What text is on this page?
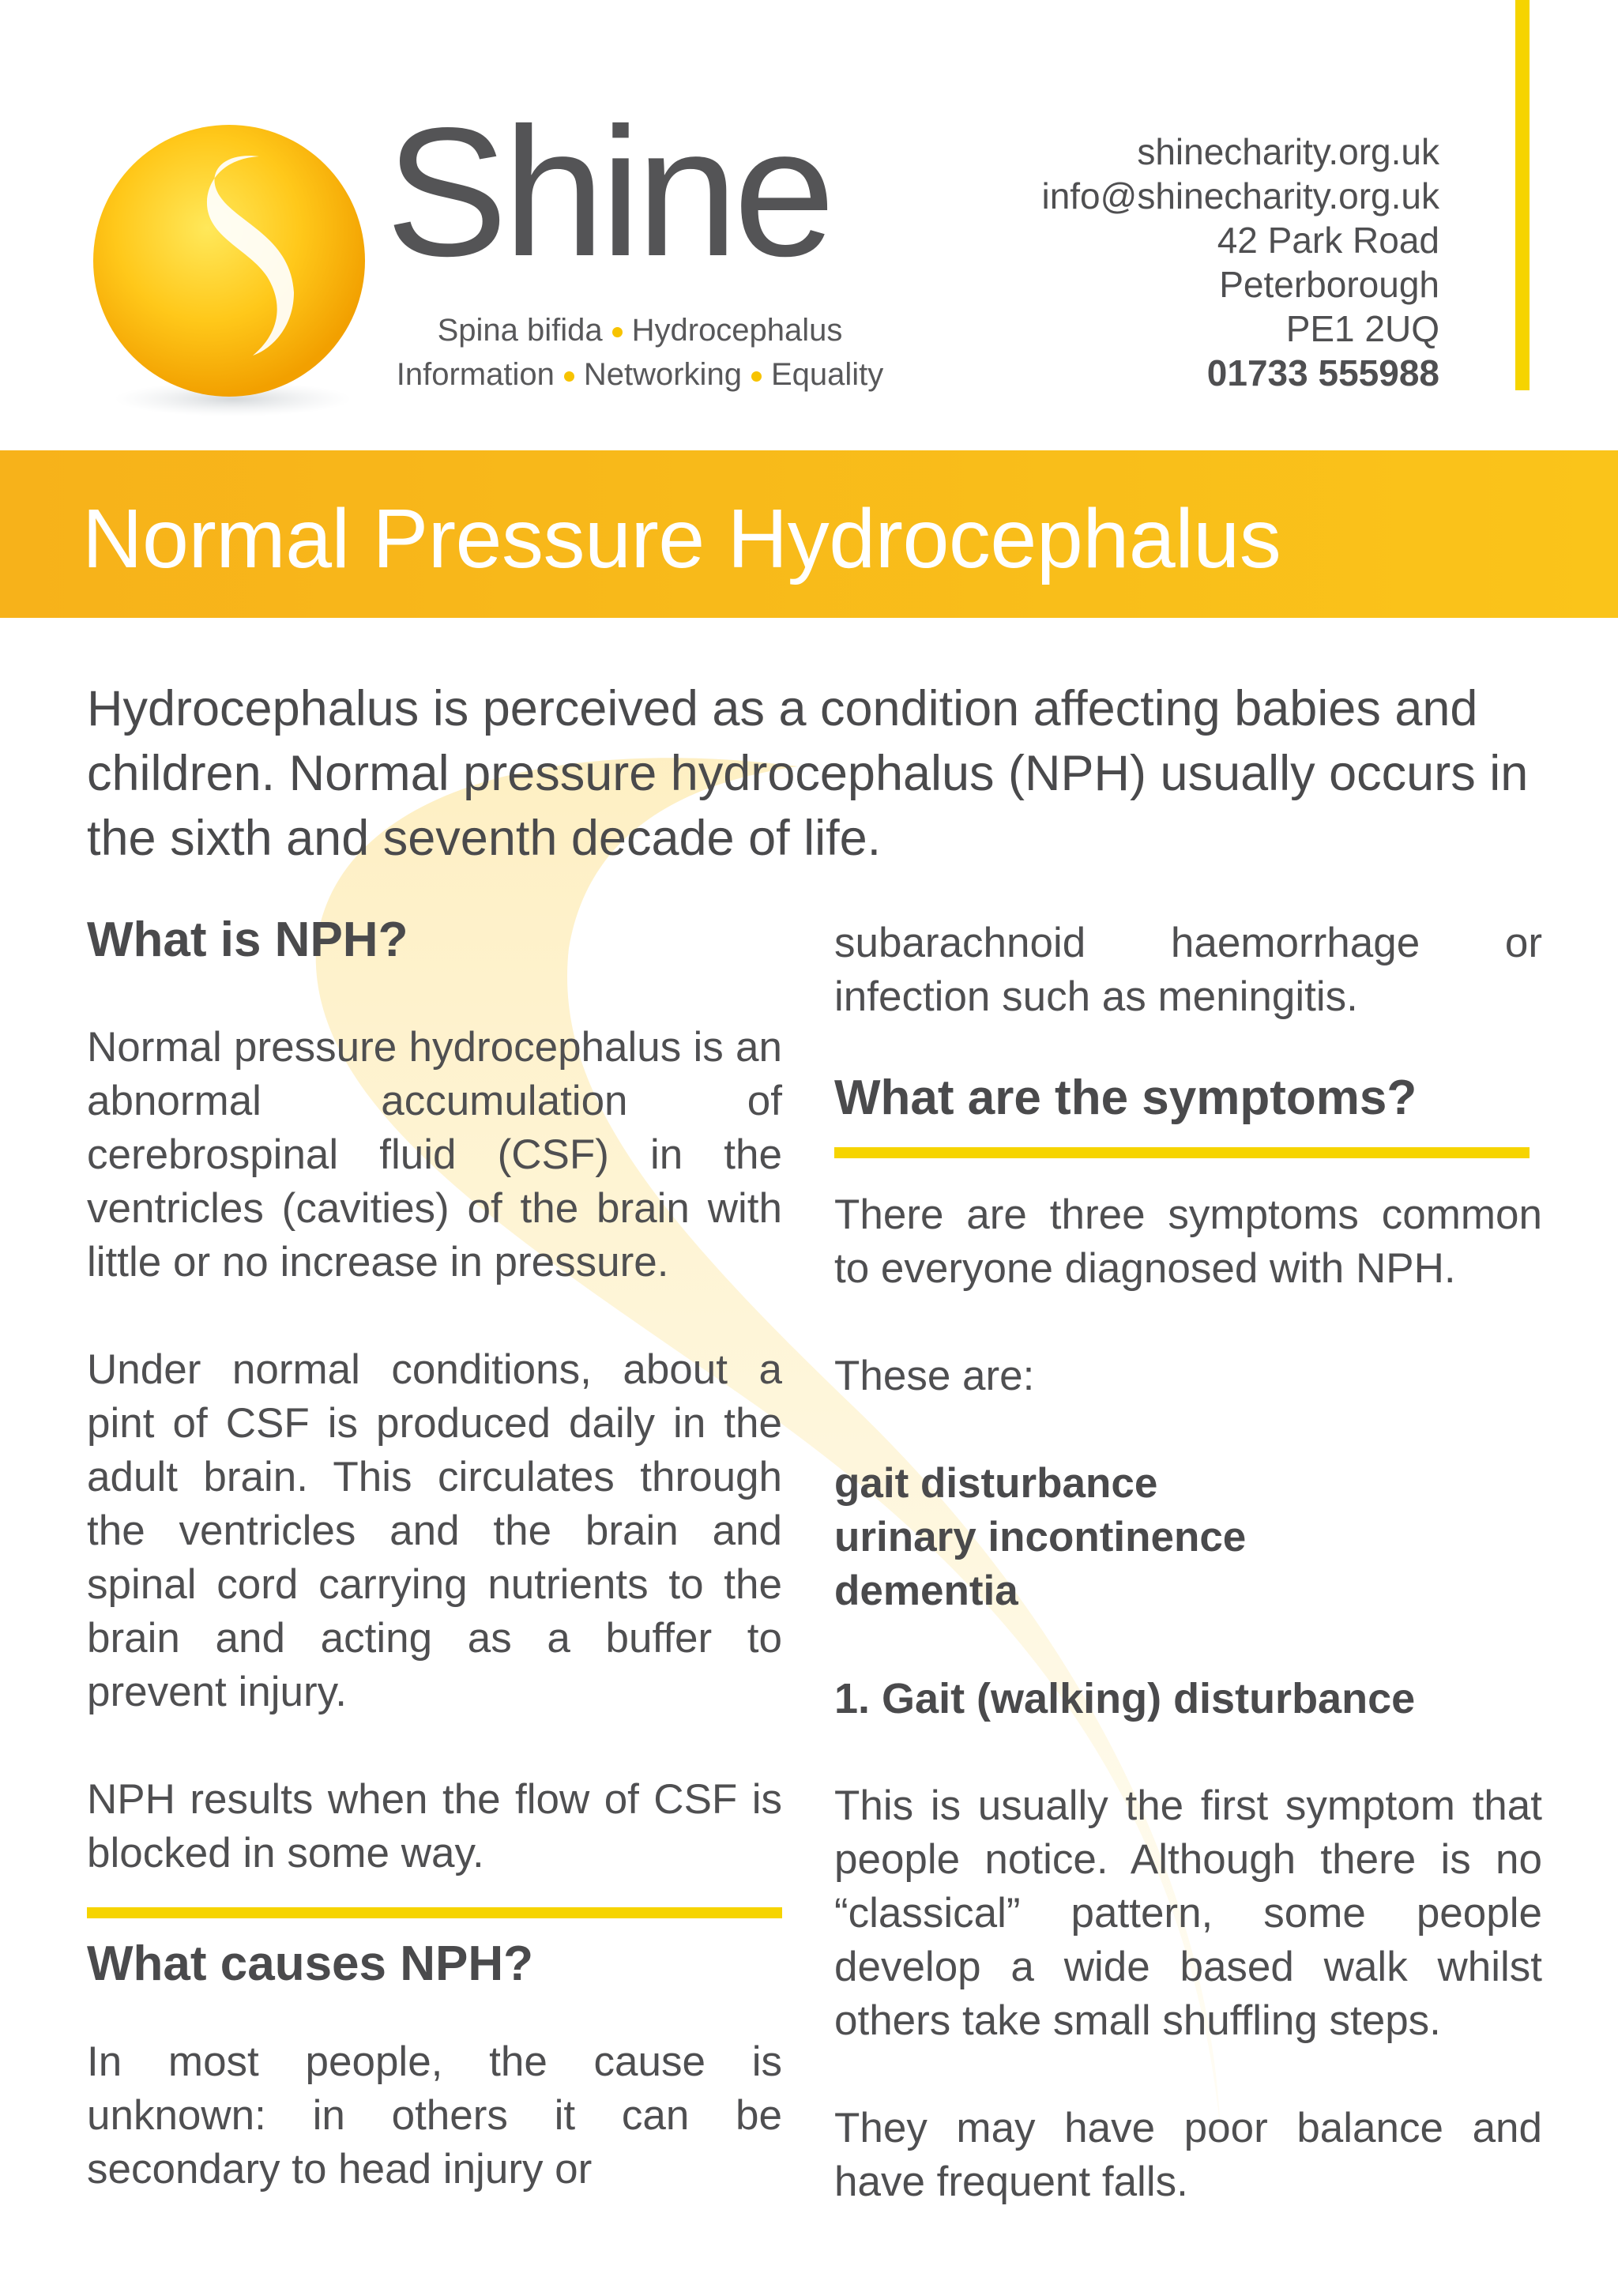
Shine
Spina bifida Hydrocephalus
Information Networking Equality
shinecharity.org.uk
info@shinecharity.org.uk
42 Park Road
Peterborough
PE1 2UQ
01733 555988
Normal Pressure Hydrocephalus

Hydrocephalus is perceived as a condition affecting babies and children. Normal pressure hydrocephalus (NPH) usually occurs in the sixth and seventh decade of life.

What is NPH?

Normal pressure hydrocephalus is an abnormal accumulation of cerebrospinal fluid (CSF) in the ventricles (cavities) of the brain with little or no increase in pressure.

Under normal conditions, about a pint of CSF is produced daily in the adult brain. This circulates through the ventricles and the brain and spinal cord carrying nutrients to the brain and acting as a buffer to prevent injury.

NPH results when the flow of CSF is blocked in some way.

What causes NPH?

In most people, the cause is unknown: in others it can be secondary to head injury or

subarachnoid haemorrhage or infection such as meningitis.

What are the symptoms?

There are three symptoms common to everyone diagnosed with NPH.

These are:

gait disturbance
urinary incontinence
dementia
1. Gait (walking) disturbance

This is usually the first symptom that people notice. Although there is no “classical” pattern, some people develop a wide based walk whilst others take small shuffling steps.

They may have poor balance and have frequent falls.
